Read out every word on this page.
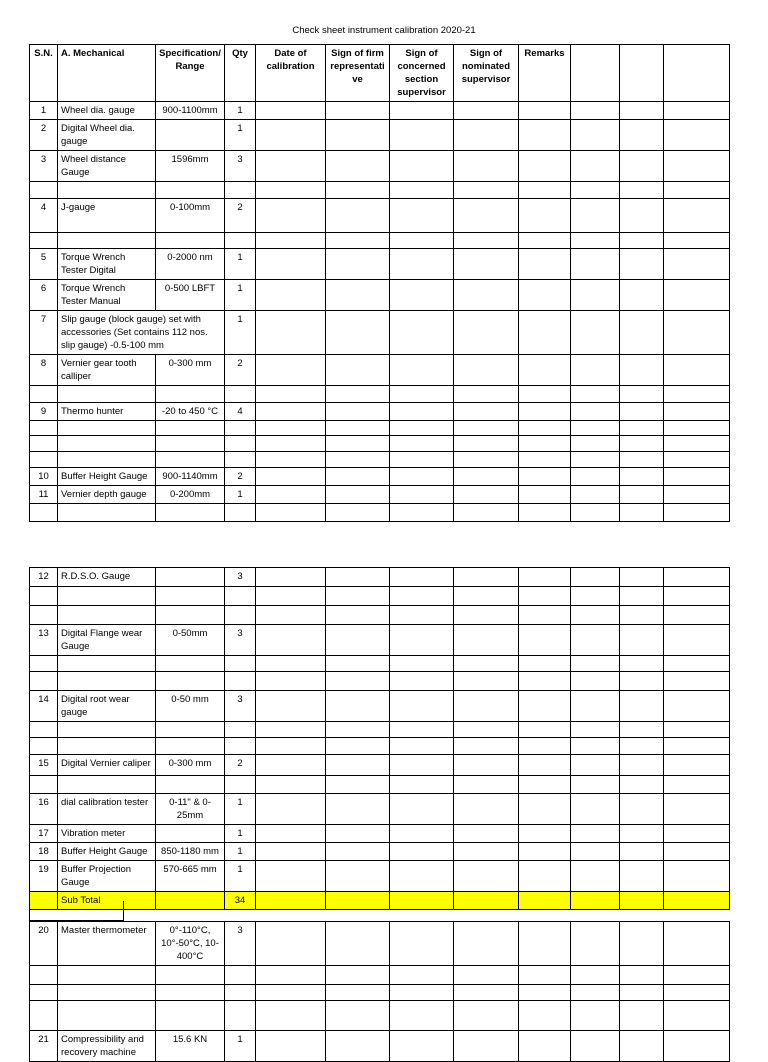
Check sheet instrument calibration 2020-21
S.N.	A. Mechanical	Specification/ Range	Qty	Date of calibration	Sign of firm representati ve	Sign of concerned section supervisor	Sign of nominated supervisor	Remarks			
1	Wheel dia. gauge	900-1100mm	1								
2	Digital Wheel dia. gauge		1								
3	Wheel distance Gauge	1596mm	3								

4	J-gauge	0-100mm	2								

5	Torque Wrench Tester Digital	0-2000 nm	1								
6	Torque Wrench Tester Manual	0-500 LBFT	1								
7	Slip gauge (block gauge) set with accessories (Set contains 112 nos. slip gauge) -0.5-100 mm		1								
8	Vernier gear tooth calliper	0-300 mm	2								

9	Thermo hunter	-20 to 450 °C	4								

10	Buffer Height Gauge	900-1140mm	2								
11	Vernier depth gauge	0-200mm	1								

12	R.D.S.O. Gauge		3								

13	Digital Flange wear Gauge	0-50mm	3								

14	Digital root wear gauge	0-50 mm	3								

15	Digital Vernier caliper	0-300 mm	2								

16	dial calibration tester	0-11" & 0-25mm	1								
17	Vibration meter		1								
18	Buffer Height Gauge	850-1180 mm	1								
19	Buffer Projection Gauge	570-665 mm	1								
	Sub Total		34								
20	Master thermometer	0°-110°C, 10°-50°C, 10-400°C	3								

21	Compressibility and recovery machine	15.6 KN	1								
